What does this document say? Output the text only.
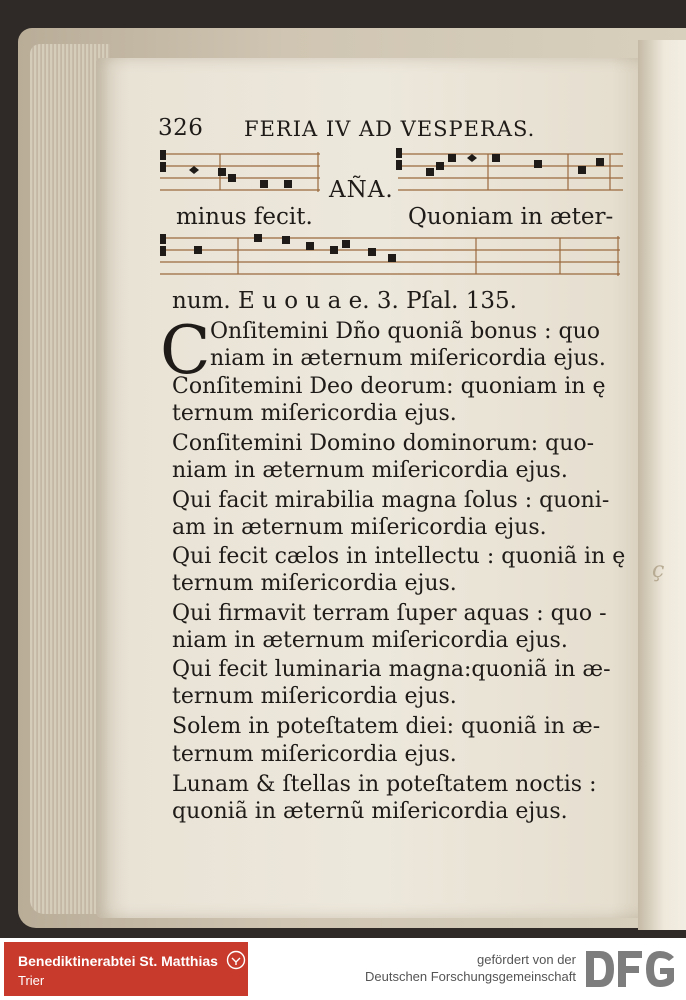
ç
326 FERIA IV AD VESPERAS.
AÑA.
minus fecit.	Quoniam in æter-
num. E u o u a e. 3. Pſal. 135.
C Onſitemini Dño quoniã bonus : quo
niam in æternum miſericordia ejus.
Conſitemini Deo deorum: quoniam in ę
ternum miſericordia ejus.
Conſitemini Domino dominorum: quo-
niam in æternum miſericordia ejus.
Qui facit mirabilia magna ſolus : quoni-
am in æternum miſericordia ejus.
Qui fecit cælos in intellectu : quoniã in ę
ternum miſericordia ejus.
Qui firmavit terram ſuper aquas : quo -
niam in æternum miſericordia ejus.
Qui fecit luminaria magna:quoniã in æ-
ternum miſericordia ejus.
Solem in poteſtatem diei: quoniã in æ-
ternum miſericordia ejus.
Lunam & ſtellas in poteſtatem noctis :
quoniã in æternũ miſericordia ejus.
Benediktinerabtei St. Matthias
Trier
gefördert von der
Deutschen Forschungsgemeinschaft
